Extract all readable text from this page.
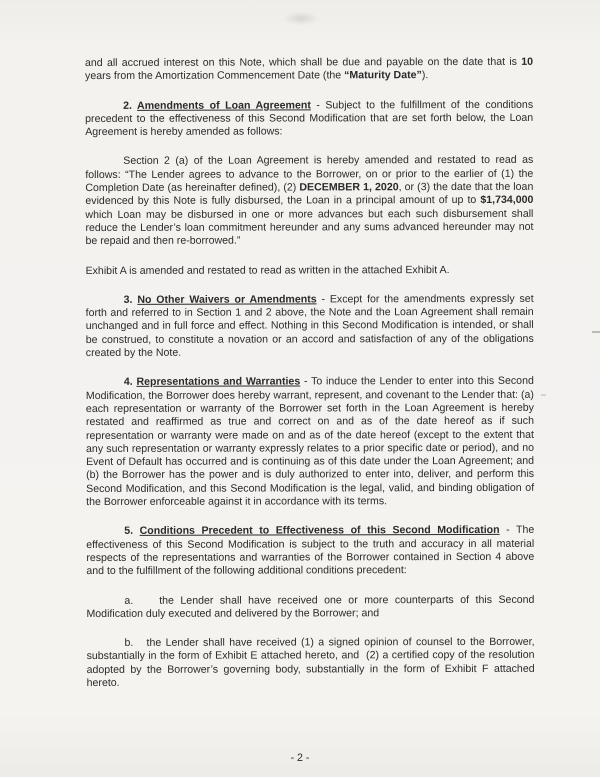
and all accrued interest on this Note, which shall be due and payable on the date that is 10 years from the Amortization Commencement Date (the “Maturity Date”).

2. Amendments of Loan Agreement - Subject to the fulfillment of the conditions precedent to the effectiveness of this Second Modification that are set forth below, the Loan Agreement is hereby amended as follows:

Section 2 (a) of the Loan Agreement is hereby amended and restated to read as follows: “The Lender agrees to advance to the Borrower, on or prior to the earlier of (1) the Completion Date (as hereinafter defined), (2) DECEMBER 1, 2020, or (3) the date that the loan evidenced by this Note is fully disbursed, the Loan in a principal amount of up to $1,734,000 which Loan may be disbursed in one or more advances but each such disbursement shall reduce the Lender’s loan commitment hereunder and any sums advanced hereunder may not be repaid and then re-borrowed.”

Exhibit A is amended and restated to read as written in the attached Exhibit A.

3. No Other Waivers or Amendments - Except for the amendments expressly set forth and referred to in Section 1 and 2 above, the Note and the Loan Agreement shall remain unchanged and in full force and effect. Nothing in this Second Modification is intended, or shall be construed, to constitute a novation or an accord and satisfaction of any of the obligations created by the Note.

4. Representations and Warranties - To induce the Lender to enter into this Second Modification, the Borrower does hereby warrant, represent, and covenant to the Lender that: (a) each representation or warranty of the Borrower set forth in the Loan Agreement is hereby restated and reaffirmed as true and correct on and as of the date hereof as if such representation or warranty were made on and as of the date hereof (except to the extent that any such representation or warranty expressly relates to a prior specific date or period), and no Event of Default has occurred and is continuing as of this date under the Loan Agreement; and (b) the Borrower has the power and is duly authorized to enter into, deliver, and perform this Second Modification, and this Second Modification is the legal, valid, and binding obligation of the Borrower enforceable against it in accordance with its terms.

5. Conditions Precedent to Effectiveness of this Second Modification - The effectiveness of this Second Modification is subject to the truth and accuracy in all material respects of the representations and warranties of the Borrower contained in Section 4 above and to the fulfillment of the following additional conditions precedent:

a.    the Lender shall have received one or more counterparts of this Second Modification duly executed and delivered by the Borrower; and

b.   the Lender shall have received (1) a signed opinion of counsel to the Borrower, substantially in the form of Exhibit E attached hereto, and  (2) a certified copy of the resolution adopted by the Borrower’s governing body, substantially in the form of Exhibit F attached hereto.

- 2 -
